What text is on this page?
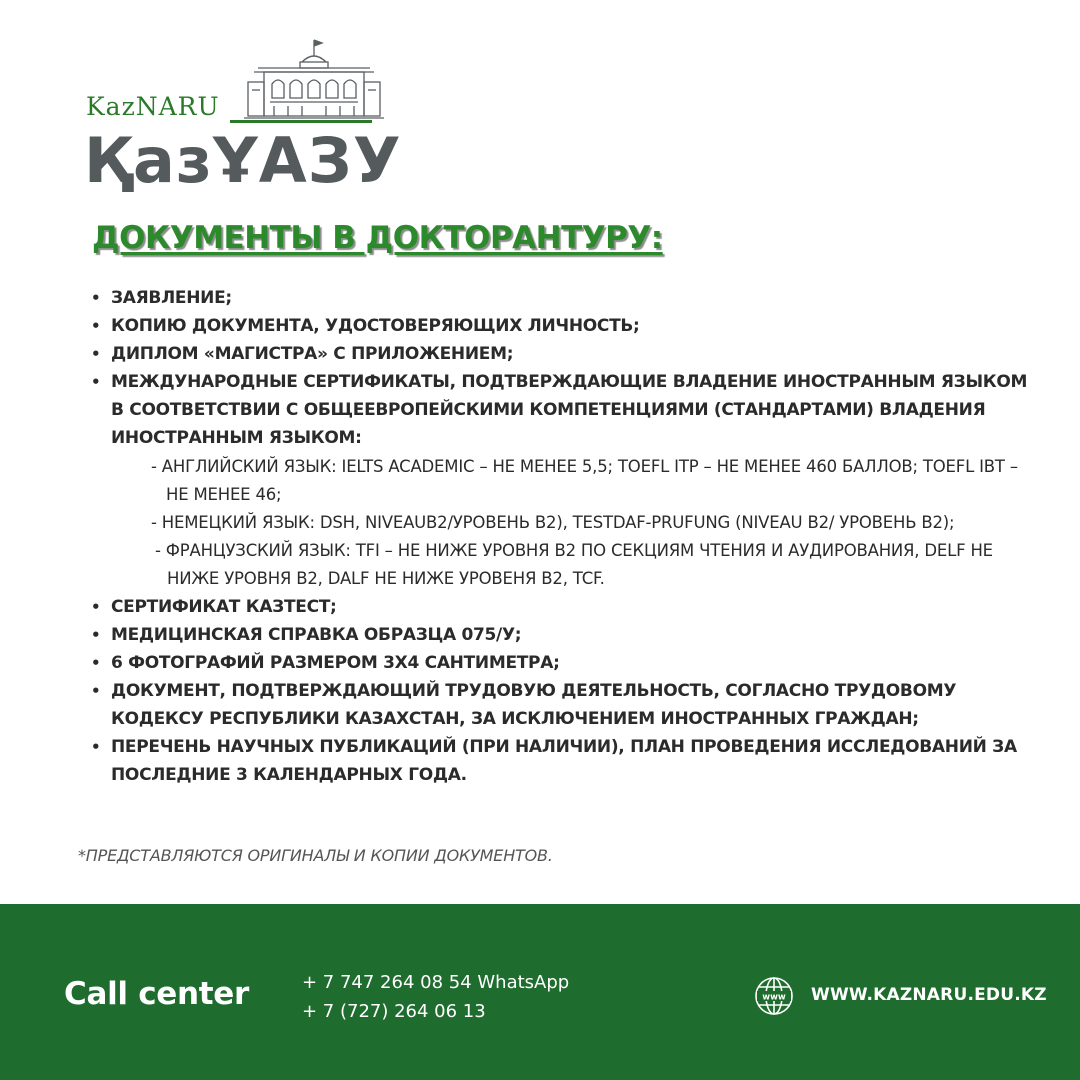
KazNARU
ҚазҰАЗУ
ДОКУМЕНТЫ В ДОКТОРАНТУРУ:
• ЗАЯВЛЕНИЕ;
• КОПИЮ ДОКУМЕНТА, УДОСТОВЕРЯЮЩИХ ЛИЧНОСТЬ;
• ДИПЛОМ «МАГИСТРА» С ПРИЛОЖЕНИЕМ;
• МЕЖДУНАРОДНЫЕ СЕРТИФИКАТЫ, ПОДТВЕРЖДАЮЩИЕ ВЛАДЕНИЕ ИНОСТРАННЫМ ЯЗЫКОМ В СООТВЕТСТВИИ С ОБЩЕЕВРОПЕЙСКИМИ КОМПЕТЕНЦИЯМИ (СТАНДАРТАМИ) ВЛАДЕНИЯ ИНОСТРАННЫМ ЯЗЫКОМ:
- АНГЛИЙСКИЙ ЯЗЫК: IELTS ACADEMIC – НЕ МЕНЕЕ 5,5; TOEFL ITP – НЕ МЕНЕЕ 460 БАЛЛОВ; TOEFL IBT – НЕ МЕНЕЕ 46;
- НЕМЕЦКИЙ ЯЗЫК: DSH, NIVEAUB2/УРОВЕНЬ В2), TESTDAF-PRUFUNG (NIVEAU B2/ УРОВЕНЬ В2);
- ФРАНЦУЗСКИЙ ЯЗЫК: TFI – НЕ НИЖЕ УРОВНЯ В2 ПО СЕКЦИЯМ ЧТЕНИЯ И АУДИРОВАНИЯ, DELF НЕ НИЖЕ УРОВНЯ В2, DALF НЕ НИЖЕ УРОВЕНЯ В2, TCF.
• СЕРТИФИКАТ КАЗТЕСТ;
• МЕДИЦИНСКАЯ СПРАВКА ОБРАЗЦА 075/У;
• 6 ФОТОГРАФИЙ РАЗМЕРОМ 3Х4 САНТИМЕТРА;
• ДОКУМЕНТ, ПОДТВЕРЖДАЮЩИЙ ТРУДОВУЮ ДЕЯТЕЛЬНОСТЬ, СОГЛАСНО ТРУДОВОМУ КОДЕКСУ РЕСПУБЛИКИ КАЗАХСТАН, ЗА ИСКЛЮЧЕНИЕМ ИНОСТРАННЫХ ГРАЖДАН;
• ПЕРЕЧЕНЬ НАУЧНЫХ ПУБЛИКАЦИЙ (ПРИ НАЛИЧИИ), ПЛАН ПРОВЕДЕНИЯ ИССЛЕДОВАНИЙ ЗА ПОСЛЕДНИЕ 3 КАЛЕНДАРНЫХ ГОДА.
*ПРЕДСТАВЛЯЮТСЯ ОРИГИНАЛЫ И КОПИИ ДОКУМЕНТОВ.
Call center	+ 7 747 264 08 54 WhatsApp
+ 7 (727) 264 06 13
www WWW.KAZNARU.EDU.KZ
